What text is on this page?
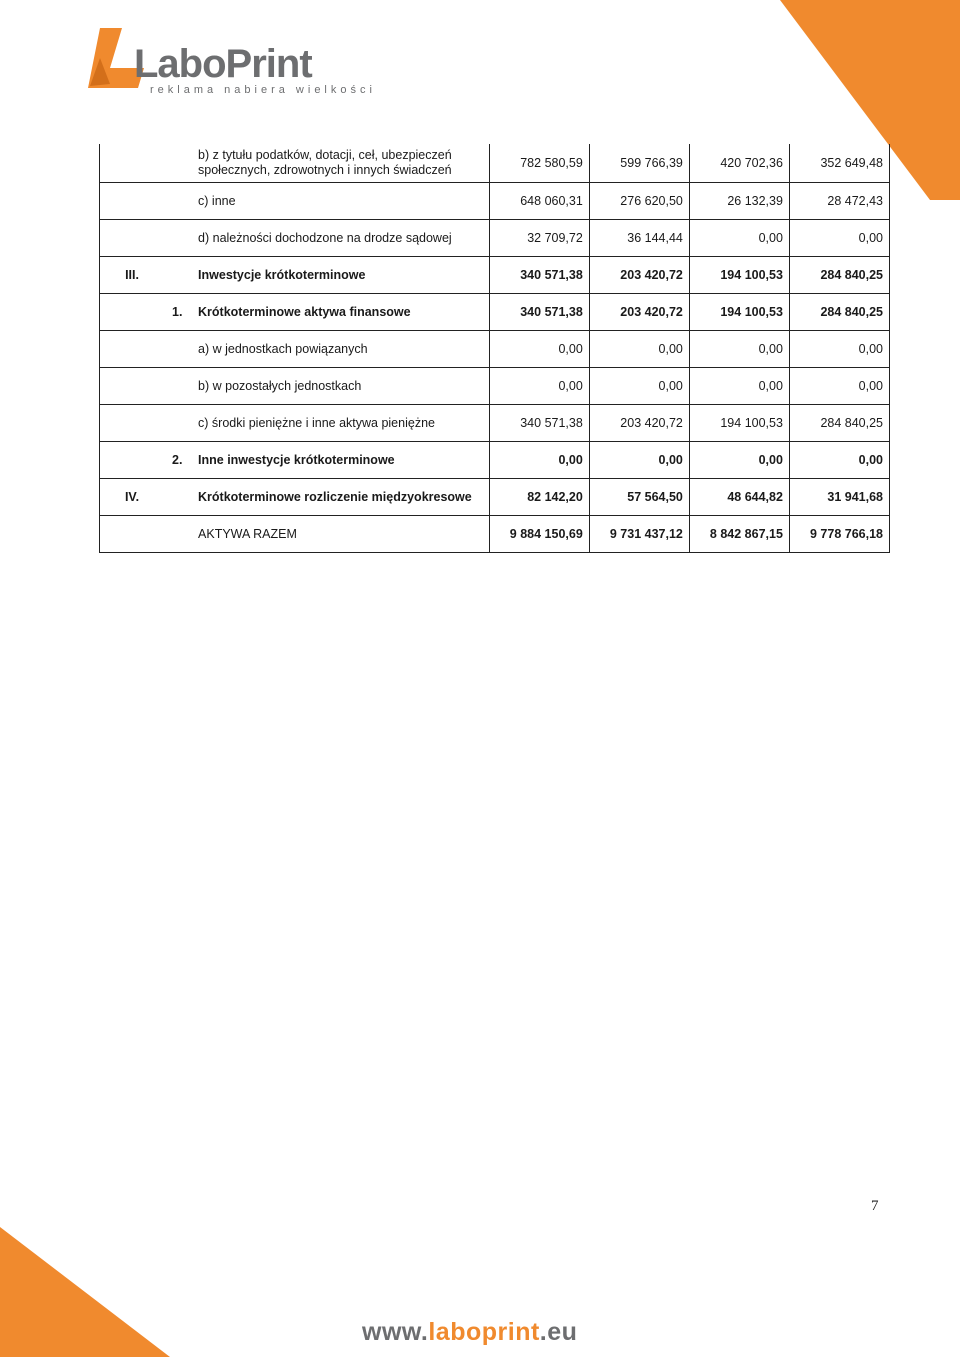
LaboPrint
reklama nabiera wielkości

	b) z tytułu podatków, dotacji, ceł, ubezpieczeń społecznych, zdrowotnych i innych świadczeń	782 580,59	599 766,39	420 702,36	352 649,48
	c) inne	648 060,31	276 620,50	26 132,39	28 472,43
	d) należności dochodzone na drodze sądowej	32 709,72	36 144,44	0,00	0,00
III.	Inwestycje krótkoterminowe	340 571,38	203 420,72	194 100,53	284 840,25

	1. Krótkoterminowe aktywa finansowe	340 571,38	203 420,72	194 100,53	284 840,25
	a) w jednostkach powiązanych	0,00	0,00	0,00	0,00
	b) w pozostałych jednostkach	0,00	0,00	0,00	0,00
	c) środki pieniężne i inne aktywa pieniężne	340 571,38	203 420,72	194 100,53	284 840,25

	2. Inne inwestycje krótkoterminowe	0,00	0,00	0,00	0,00
IV.	Krótkoterminowe rozliczenie międzyokresowe	82 142,20	57 564,50	48 644,82	31 941,68
	AKTYWA RAZEM	9 884 150,69	9 731 437,12	8 842 867,15	9 778 766,18
7
www.laboprint.eu
